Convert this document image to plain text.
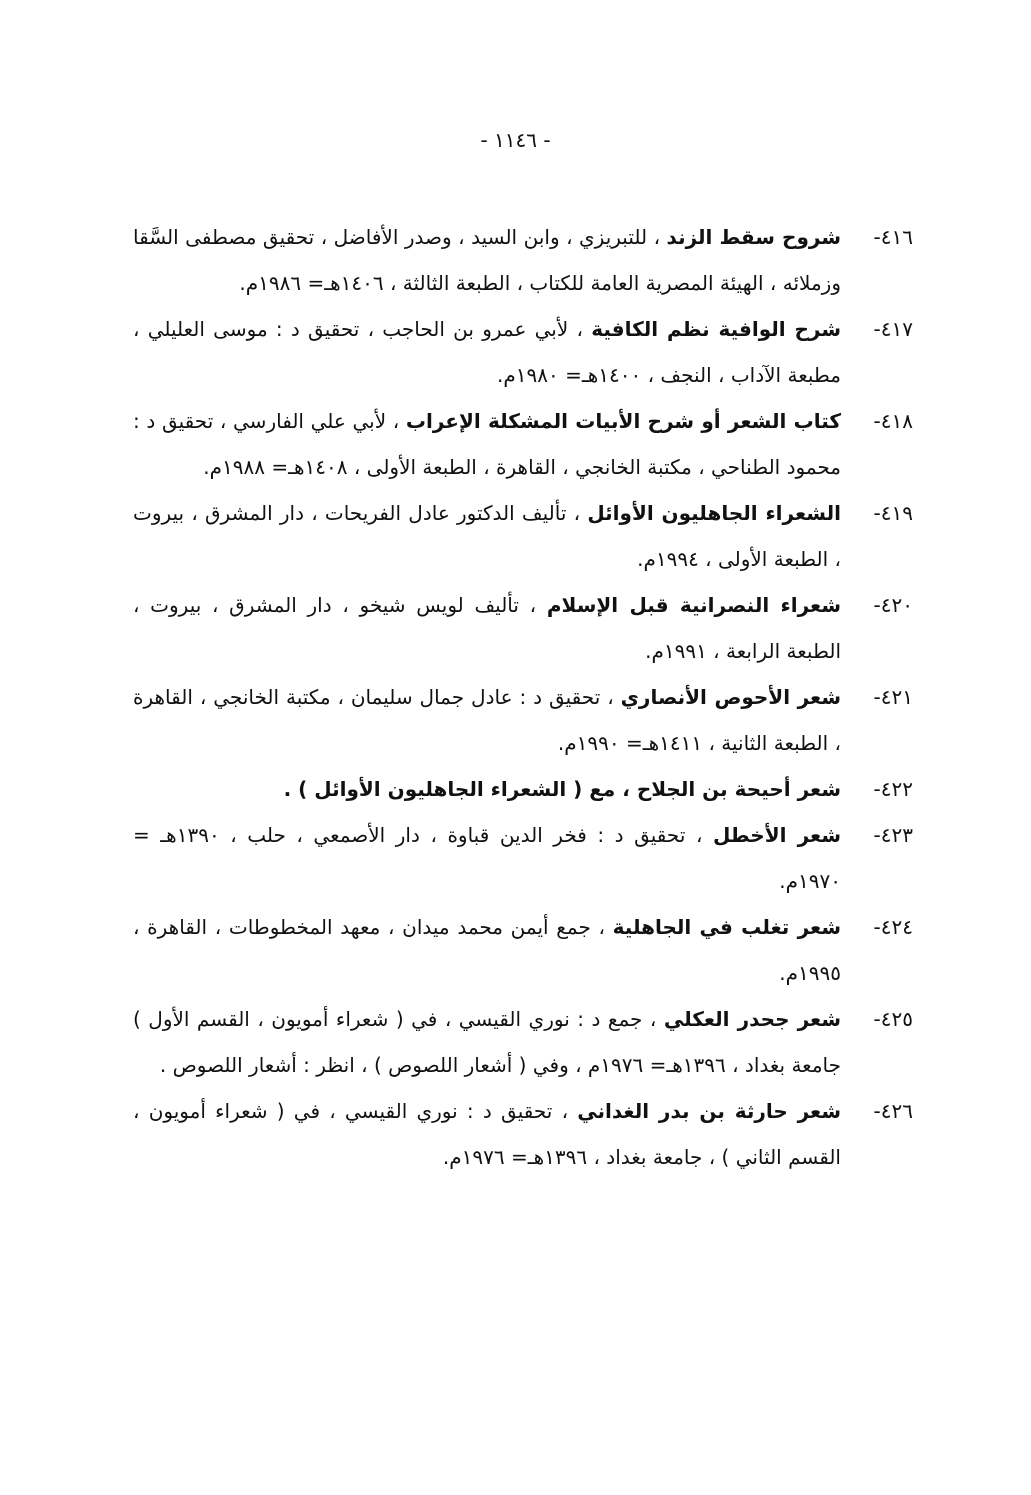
- ١١٤٦ -
٤١٦-
شروح سقط الزند ، للتبريزي ، وابن السيد ، وصدر الأفاضل ، تحقيق مصطفى السَّقا وزملائه ، الهيئة المصرية العامة للكتاب ، الطبعة الثالثة ، ١٤٠٦هـ= ١٩٨٦م.
٤١٧-
شرح الوافية نظم الكافية ، لأبي عمرو بن الحاجب ، تحقيق د : موسى العليلي ، مطبعة الآداب ، النجف ، ١٤٠٠هـ= ١٩٨٠م.
٤١٨-
كتاب الشعر أو شرح الأبيات المشكلة الإعراب ، لأبي علي الفارسي ، تحقيق د : محمود الطناحي ، مكتبة الخانجي ، القاهرة ، الطبعة الأولى ، ١٤٠٨هـ= ١٩٨٨م.
٤١٩-
الشعراء الجاهليون الأوائل ، تأليف الدكتور عادل الفريحات ، دار المشرق ، بيروت ، الطبعة الأولى ، ١٩٩٤م.
٤٢٠-
شعراء النصرانية قبل الإسلام ، تأليف لويس شيخو ، دار المشرق ، بيروت ، الطبعة الرابعة ، ١٩٩١م.
٤٢١-
شعر الأحوص الأنصاري ، تحقيق د : عادل جمال سليمان ، مكتبة الخانجي ، القاهرة ، الطبعة الثانية ، ١٤١١هـ= ١٩٩٠م.
٤٢٢-
شعر أحيحة بن الجلاح ، مع ( الشعراء الجاهليون الأوائل ) .
٤٢٣-
شعر الأخطل ، تحقيق د : فخر الدين قباوة ، دار الأصمعي ، حلب ، ١٣٩٠هـ = ١٩٧٠م.
٤٢٤-
شعر تغلب في الجاهلية ، جمع أيمن محمد ميدان ، معهد المخطوطات ، القاهرة ، ١٩٩٥م.
٤٢٥-
شعر جحدر العكلي ، جمع د : نوري القيسي ، في ( شعراء أمويون ، القسم الأول ) جامعة بغداد ، ١٣٩٦هـ= ١٩٧٦م ، وفي ( أشعار اللصوص ) ، انظر : أشعار اللصوص .
٤٢٦-
شعر حارثة بن بدر الغداني ، تحقيق د : نوري القيسي ، في ( شعراء أمويون ، القسم الثاني ) ، جامعة بغداد ، ١٣٩٦هـ= ١٩٧٦م.
